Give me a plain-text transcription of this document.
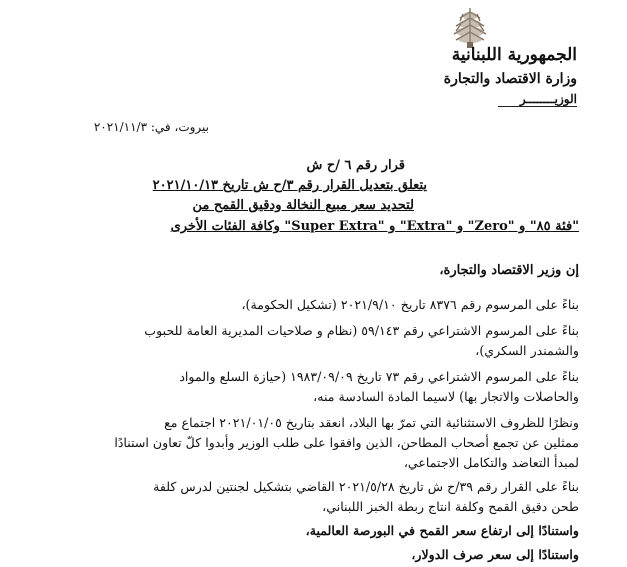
الجمهورية اللبنانية
وزارة الاقتصاد والتجارة
الوزيــــــــر
بيروت، في: ٢٠٢١/١١/٣
قرار رقم ٦ /ح ش
يتعلق بتعديل القرار رقم ٣/ح ش تاريخ ٢٠٢١/١٠/١٣
لتحديد سعر مبيع النخالة ودقيق القمح من
"فئة ٨٥" و "Zero" و "Extra" و "Super Extra" وكافة الفئات الأخرى
إن وزير الاقتصاد والتجارة،
بناءً على المرسوم رقم ٨٣٧٦ تاريخ ٢٠٢١/٩/١٠ (تشكيل الحكومة)،
بناءً على المرسوم الاشتراعي رقم ٥٩/١٤٣ (نظام و صلاحيات المديرية العامة للحبوب
والشمندر السكري)،
بناءً على المرسوم الاشتراعي رقم ٧٣ تاريخ ١٩٨٣/٠٩/٠٩ (حيازة السلع والمواد
والحاصلات والاتجار بها) لاسيما المادة السادسة منه،
ونظرًا للظروف الاستثنائية التي تمرّ بها البلاد، انعقد بتاريخ ٢٠٢١/٠١/٠٥ اجتماع مع
ممثلين عن تجمع أصحاب المطاحن، الذين وافقوا على طلب الوزير وأبدوا كلّ تعاون استنادًا
لمبدأ التعاضد والتكامل الاجتماعي،
بناءً على القرار رقم ٣٩/ح ش تاريخ ٢٠٢١/٥/٢٨ القاضي بتشكيل لجنتين لدرس كلفة
طحن دقيق القمح وكلفة انتاج ربطة الخبز اللبناني،
واستنادًا إلى ارتفاع سعر القمح في البورصة العالمية،
واستنادًا إلى سعر صرف الدولار،
